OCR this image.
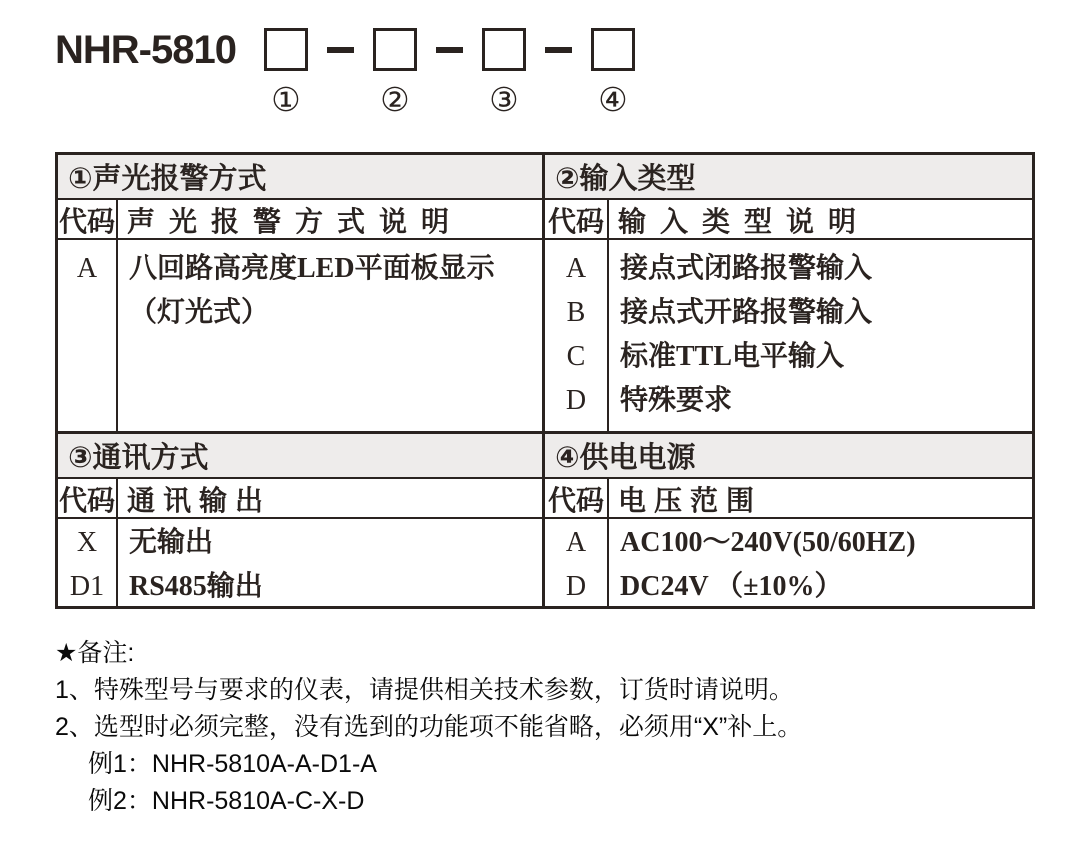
NHR-5810
① ② ③ ④
①声光报警方式
代码 声光报警方式说明
A	八回路高亮度LED平面板显示
（灯光式）
②输入类型
代码 输入类型说明
A
B
C
D
接点式闭路报警输入
接点式开路报警输入
标准TTL电平输入
特殊要求
③通讯方式
代码 通讯输出
X
D1
无输出
RS485输出
④供电电源
代码 电压范围
A
D
AC100～240V(50/60HZ)
DC24V （±10%）
★备注:
1、特殊型号与要求的仪表，请提供相关技术参数，订货时请说明。
2、选型时必须完整，没有选到的功能项不能省略，必须用“X”补上。
例1：NHR-5810A-A-D1-A
例2：NHR-5810A-C-X-D
